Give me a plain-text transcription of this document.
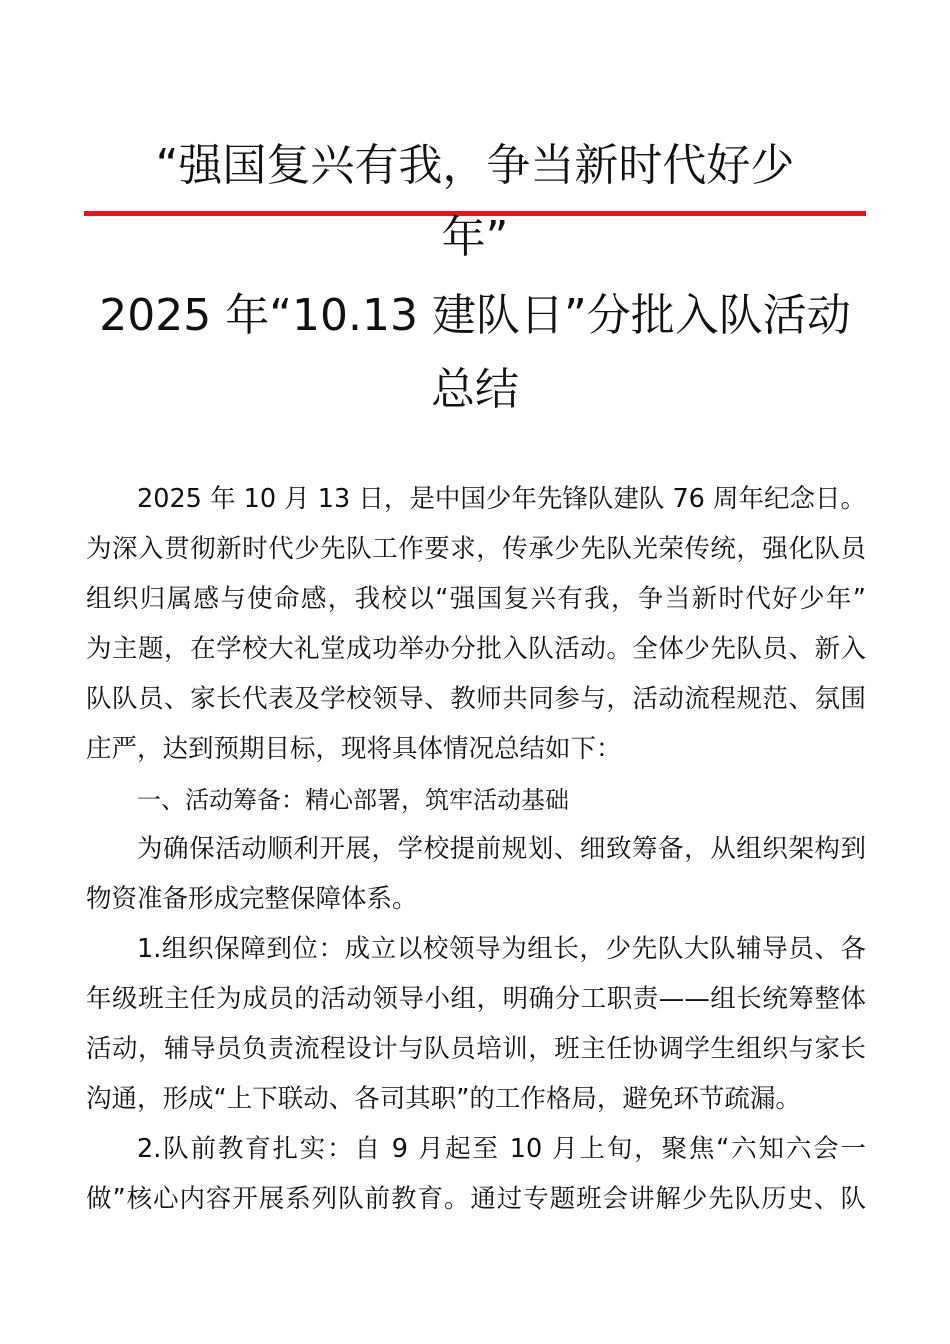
“强国复兴有我，争当新时代好少
年”
2025 年“10.13 建队日”分批入队活动
总结
2025 年 10 月 13 日，是中国少年先锋队建队 76 周年纪念日。
为深入贯彻新时代少先队工作要求，传承少先队光荣传统，强化队员
组织归属感与使命感，我校以“强国复兴有我，争当新时代好少年”
为主题，在学校大礼堂成功举办分批入队活动。全体少先队员、新入
队队员、家长代表及学校领导、教师共同参与，活动流程规范、氛围
庄严，达到预期目标，现将具体情况总结如下：
一、活动筹备：精心部署，筑牢活动基础
为确保活动顺利开展，学校提前规划、细致筹备，从组织架构到
物资准备形成完整保障体系。
1.组织保障到位：成立以校领导为组长，少先队大队辅导员、各
年级班主任为成员的活动领导小组，明确分工职责——组长统筹整体
活动，辅导员负责流程设计与队员培训，班主任协调学生组织与家长
沟通，形成“上下联动、各司其职”的工作格局，避免环节疏漏。
2.队前教育扎实：自 9 月起至 10 月上旬，聚焦“六知六会一
做”核心内容开展系列队前教育。通过专题班会讲解少先队历史、队
